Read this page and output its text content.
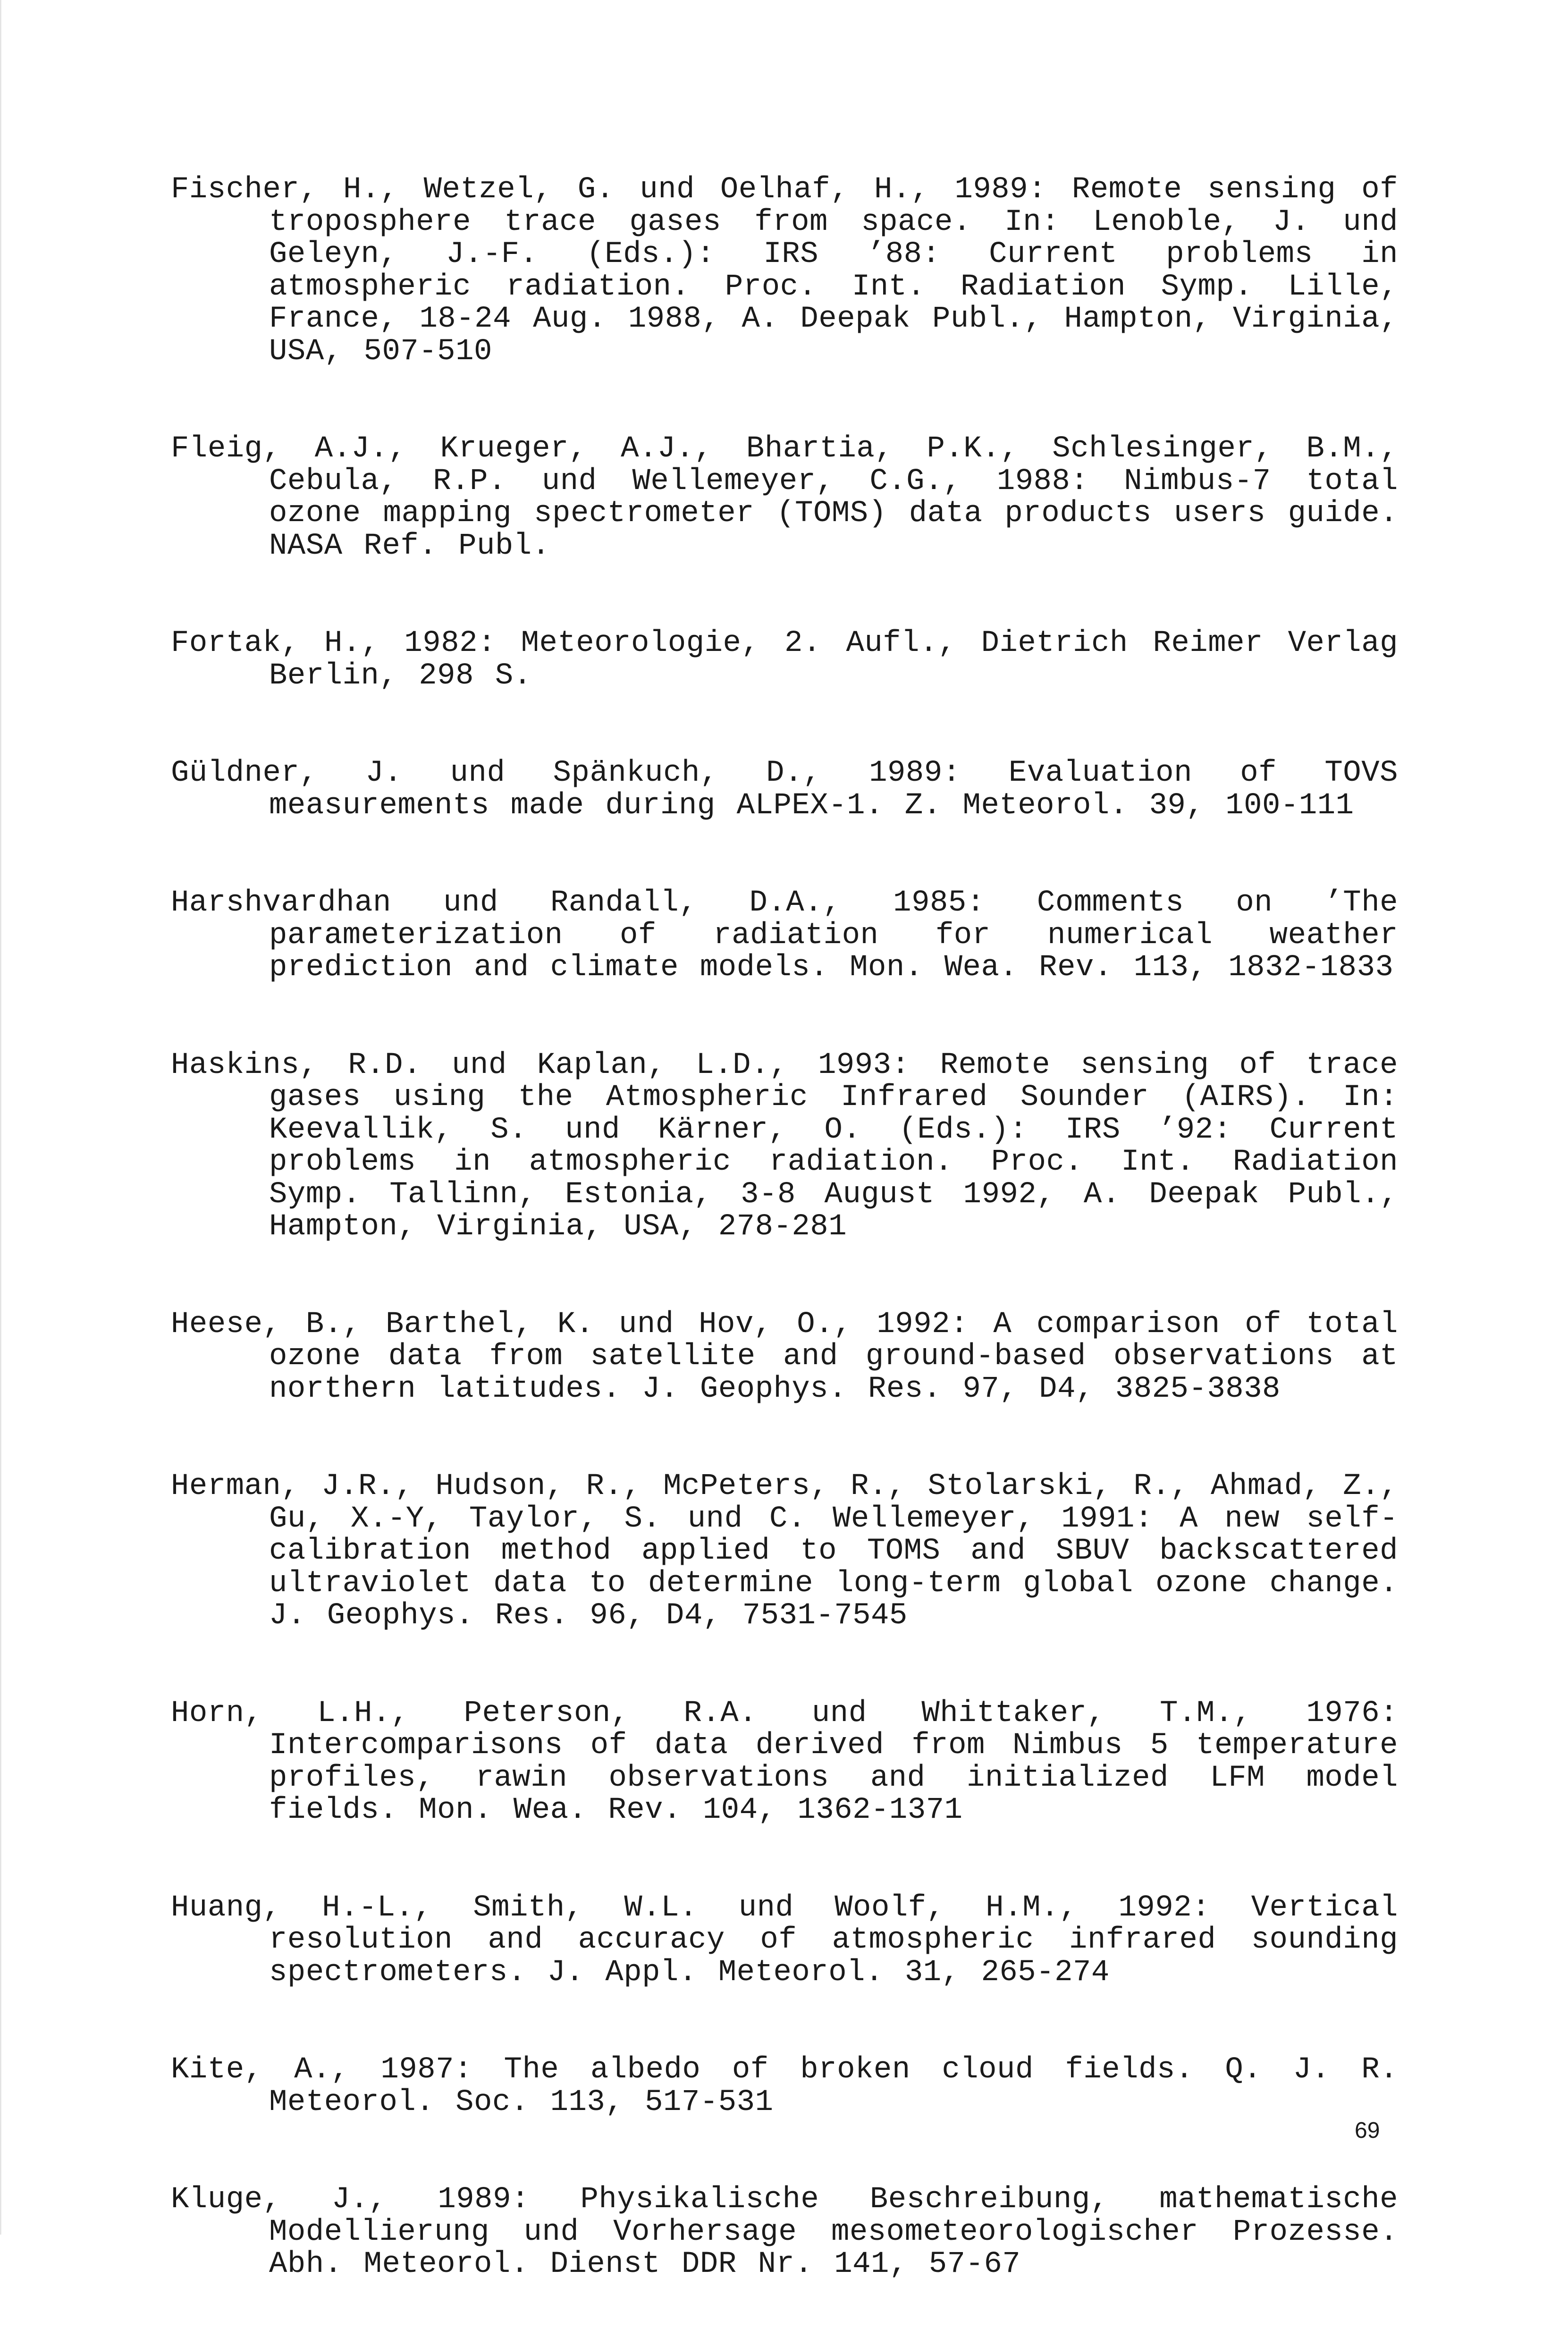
Fischer, H., Wetzel, G. und Oelhaf, H., 1989: Remote sensing of troposphere trace gases from space. In: Lenoble, J. und Geleyn, J.-F. (Eds.): IRS ’88: Current problems in atmospheric radiation. Proc. Int. Radiation Symp. Lille, France, 18-24 Aug. 1988, A. Deepak Publ., Hampton, Virginia, USA, 507-510

Fleig, A.J., Krueger, A.J., Bhartia, P.K., Schlesinger, B.M., Cebula, R.P. und Wellemeyer, C.G., 1988: Nimbus-7 total ozone mapping spectrometer (TOMS) data products users guide. NASA Ref. Publ.

Fortak, H., 1982: Meteorologie, 2. Aufl., Dietrich Reimer Verlag Berlin, 298 S.

Güldner, J. und Spänkuch, D., 1989: Evaluation of TOVS measurements made during ALPEX-1. Z. Meteorol. 39, 100-111

Harshvardhan und Randall, D.A., 1985: Comments on ’The parameterization of radiation for numerical weather prediction and climate models. Mon. Wea. Rev. 113, 1832-1833

Haskins, R.D. und Kaplan, L.D., 1993: Remote sensing of trace gases using the Atmospheric Infrared Sounder (AIRS). In: Keevallik, S. und Kärner, O. (Eds.): IRS ’92: Current problems in atmospheric radiation. Proc. Int. Radiation Symp. Tallinn, Estonia, 3-8 August 1992, A. Deepak Publ., Hampton, Virginia, USA, 278-281

Heese, B., Barthel, K. und Hov, O., 1992: A comparison of total ozone data from satellite and ground-based observations at northern latitudes. J. Geophys. Res. 97, D4, 3825-3838

Herman, J.R., Hudson, R., McPeters, R., Stolarski, R., Ahmad, Z., Gu, X.-Y, Taylor, S. und C. Wellemeyer, 1991: A new self-calibration method applied to TOMS and SBUV backscattered ultraviolet data to determine long-term global ozone change. J. Geophys. Res. 96, D4, 7531-7545

Horn, L.H., Peterson, R.A. und Whittaker, T.M., 1976: Intercomparisons of data derived from Nimbus 5 temperature profiles, rawin observations and initialized LFM model fields. Mon. Wea. Rev. 104, 1362-1371

Huang, H.-L., Smith, W.L. und Woolf, H.M., 1992: Vertical resolution and accuracy of atmospheric infrared sounding spectrometers. J. Appl. Meteorol. 31, 265-274

Kite, A., 1987: The albedo of broken cloud fields. Q. J. R. Meteorol. Soc. 113, 517-531

Kluge, J., 1989: Physikalische Beschreibung, mathematische Modellierung und Vorhersage mesometeorologischer Prozesse. Abh. Meteorol. Dienst DDR Nr. 141, 57-67

69
